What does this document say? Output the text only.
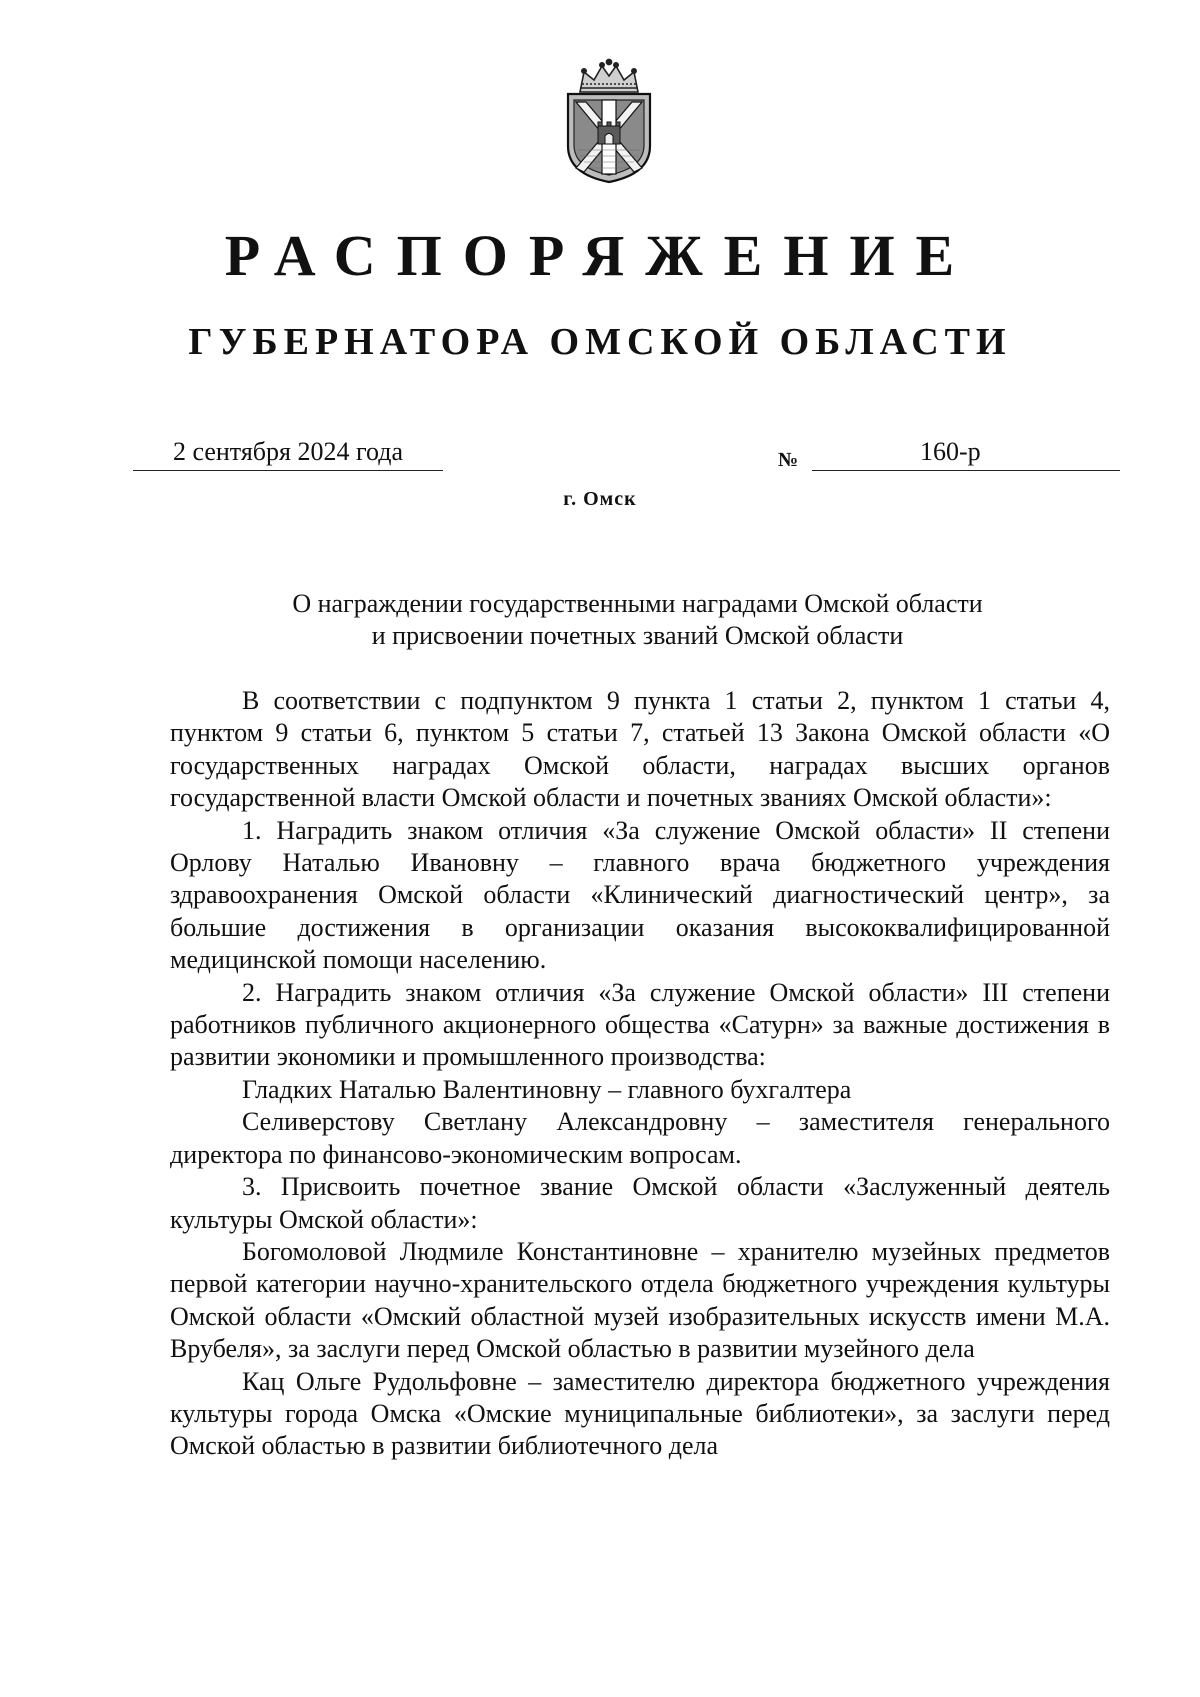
РАСПОРЯЖЕНИЕ
ГУБЕРНАТОРА ОМСКОЙ ОБЛАСТИ
2 сентября 2024 года	№	160-р
г. Омск
О награждении государственными наградами Омской области
и присвоении почетных званий Омской области

В соответствии с подпунктом 9 пункта 1 статьи 2, пунктом 1 статьи 4, пунктом 9 статьи 6, пунктом 5 статьи 7, статьей 13 Закона Омской области «О государственных наградах Омской области, наградах высших органов государственной власти Омской области и почетных званиях Омской области»:

1. Наградить знаком отличия «За служение Омской области» II степени Орлову Наталью Ивановну – главного врача бюджетного учреждения здравоохранения Омской области «Клинический диагностический центр», за большие достижения в организации оказания высококвалифицированной медицинской помощи населению.

2. Наградить знаком отличия «За служение Омской области» III степени работников публичного акционерного общества «Сатурн» за важные достижения в развитии экономики и промышленного производства:

Гладких Наталью Валентиновну – главного бухгалтера

Селиверстову Светлану Александровну – заместителя генерального директора по финансово-экономическим вопросам.

3. Присвоить почетное звание Омской области «Заслуженный деятель культуры Омской области»:

Богомоловой Людмиле Константиновне – хранителю музейных предметов первой категории научно-хранительского отдела бюджетного учреждения культуры Омской области «Омский областной музей изобразительных искусств имени М.А. Врубеля», за заслуги перед Омской областью в развитии музейного дела

Кац Ольге Рудольфовне – заместителю директора бюджетного учреждения культуры города Омска «Омские муниципальные библиотеки», за заслуги перед Омской областью в развитии библиотечного дела
